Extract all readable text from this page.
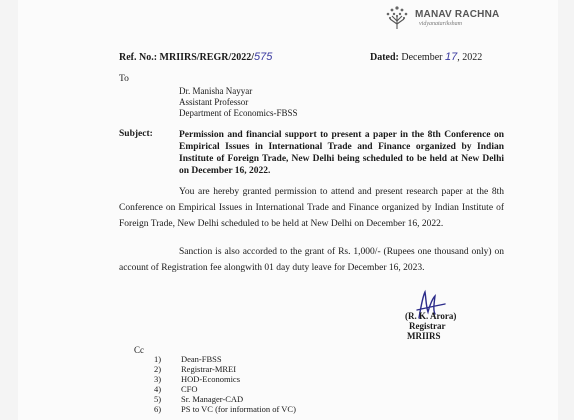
MANAV RACHNA
vidyanatariksham
Ref. No.: MRIIRS/REGR/2022/575	Dated: December 17, 2022
To
Dr. Manisha Nayyar
Assistant Professor
Department of Economics-FBSS
Subject:	Permission and financial support to present a paper in the 8th Conference on Empirical Issues in International Trade and Finance organized by Indian Institute of Foreign Trade, New Delhi being scheduled to be held at New Delhi on December 16, 2022.
You are hereby granted permission to attend and present research paper at the 8th Conference on Empirical Issues in International Trade and Finance organized by Indian Institute of Foreign Trade, New Delhi scheduled to be held at New Delhi on December 16, 2022.
Sanction is also accorded to the grant of Rs. 1,000/- (Rupees one thousand only) on account of Registration fee alongwith 01 day duty leave for December 16, 2023.
(R. K. Arora)
Registrar
MRIIRS
Cc
1)	Dean-FBSS
2)	Registrar-MREI
3)	HOD-Economics
4)	CFO
5)	Sr. Manager-CAD
6)	PS to VC (for information of VC)
